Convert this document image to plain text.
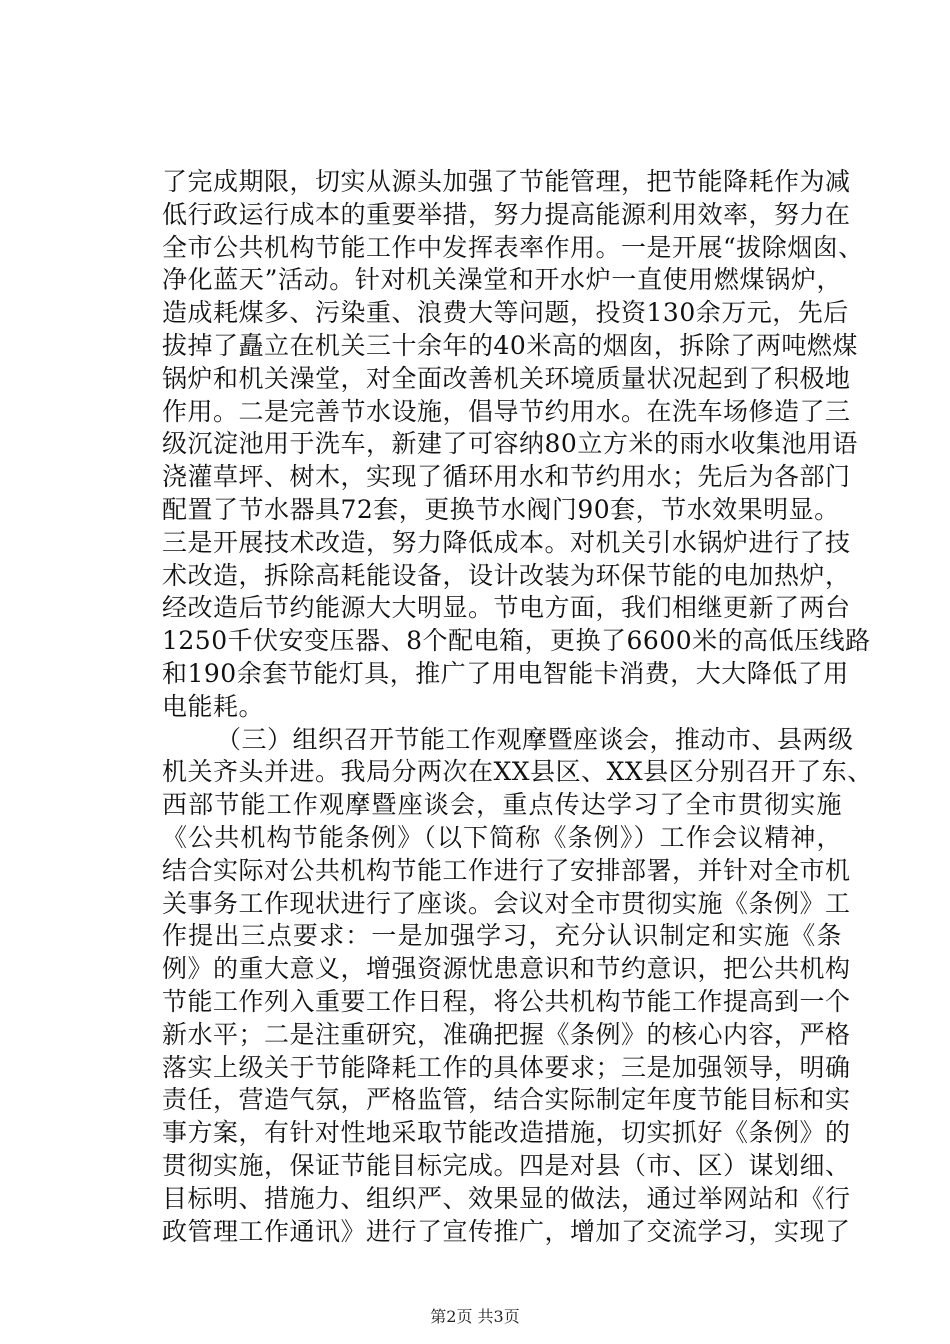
了完成期限，切实从源头加强了节能管理，把节能降耗作为减
低行政运行成本的重要举措，努力提高能源利用效率，努力在
全市公共机构节能工作中发挥表率作用。一是开展“拔除烟囱、
净化蓝天”活动。针对机关澡堂和开水炉一直使用燃煤锅炉，
造成耗煤多、污染重、浪费大等问题，投资130余万元，先后
拔掉了矗立在机关三十余年的40米高的烟囱，拆除了两吨燃煤
锅炉和机关澡堂，对全面改善机关环境质量状况起到了积极地
作用。二是完善节水设施，倡导节约用水。在洗车场修造了三
级沉淀池用于洗车，新建了可容纳80立方米的雨水收集池用语
浇灌草坪、树木，实现了循环用水和节约用水；先后为各部门
配置了节水器具72套，更换节水阀门90套，节水效果明显。
三是开展技术改造，努力降低成本。对机关引水锅炉进行了技
术改造，拆除高耗能设备，设计改装为环保节能的电加热炉，
经改造后节约能源大大明显。节电方面，我们相继更新了两台
1250千伏安变压器、8个配电箱，更换了6600米的高低压线路
和190余套节能灯具，推广了用电智能卡消费，大大降低了用
电能耗。
（三）组织召开节能工作观摩暨座谈会，推动市、县两级
机关齐头并进。我局分两次在XX县区、XX县区分别召开了东、
西部节能工作观摩暨座谈会，重点传达学习了全市贯彻实施
《公共机构节能条例》（以下简称《条例》）工作会议精神，
结合实际对公共机构节能工作进行了安排部署，并针对全市机
关事务工作现状进行了座谈。会议对全市贯彻实施《条例》工
作提出三点要求：一是加强学习，充分认识制定和实施《条
例》的重大意义，增强资源忧患意识和节约意识，把公共机构
节能工作列入重要工作日程，将公共机构节能工作提高到一个
新水平；二是注重研究，准确把握《条例》的核心内容，严格
落实上级关于节能降耗工作的具体要求；三是加强领导，明确
责任，营造气氛，严格监管，结合实际制定年度节能目标和实
事方案，有针对性地采取节能改造措施，切实抓好《条例》的
贯彻实施，保证节能目标完成。四是对县（市、区）谋划细、
目标明、措施力、组织严、效果显的做法，通过举网站和《行
政管理工作通讯》进行了宣传推广，增加了交流学习，实现了
第2页 共3页
